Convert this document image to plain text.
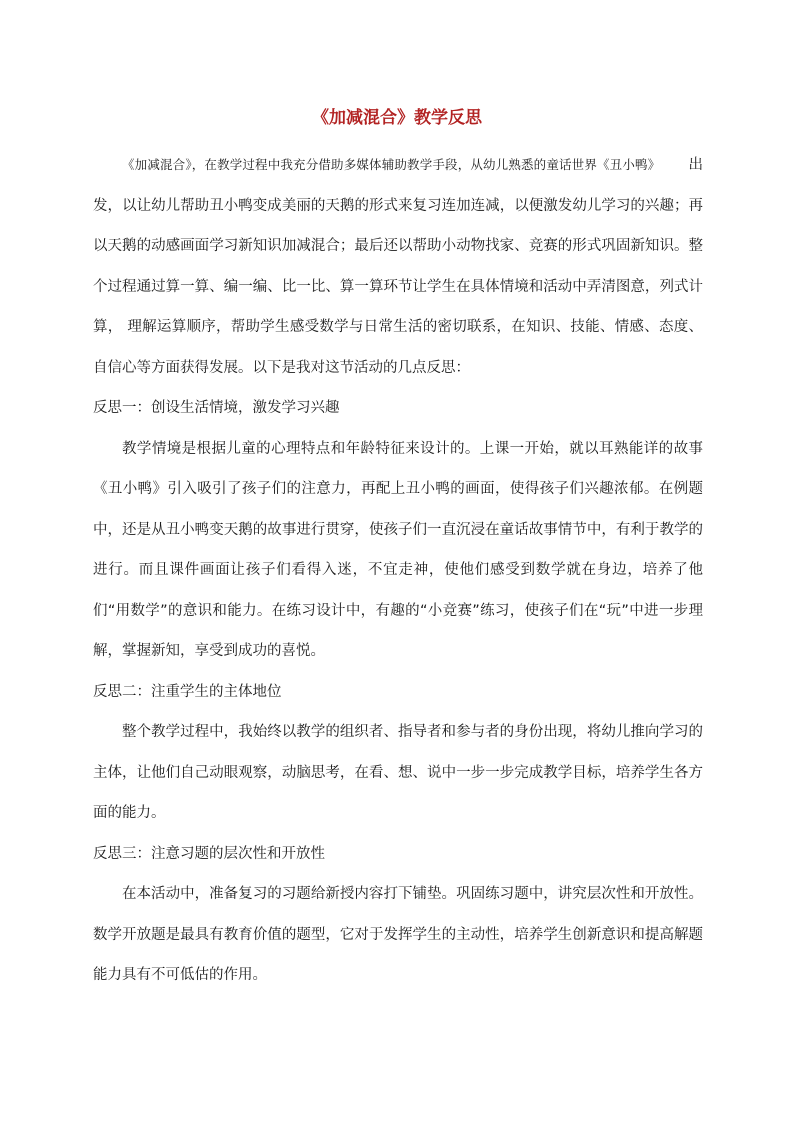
《加减混合》教学反思

《加减混合》，在教学过程中我充分借助多媒体辅助教学手段，从幼儿熟悉的童话世界《丑小鸭》 出发，以让幼儿帮助丑小鸭变成美丽的天鹅的形式来复习连加连减，以便激发幼儿学习的兴趣；再以天鹅的动感画面学习新知识加减混合；最后还以帮助小动物找家、竞赛的形式巩固新知识。整个过程通过算一算、编一编、比一比、算一算环节让学生在具体情境和活动中弄清图意，列式计算， 理解运算顺序，帮助学生感受数学与日常生活的密切联系，在知识、技能、情感、态度、自信心等方面获得发展。以下是我对这节活动的几点反思：

反思一：创设生活情境，激发学习兴趣

教学情境是根据儿童的心理特点和年龄特征来设计的。上课一开始，就以耳熟能详的故事《丑小鸭》引入吸引了孩子们的注意力，再配上丑小鸭的画面，使得孩子们兴趣浓郁。在例题中，还是从丑小鸭变天鹅的故事进行贯穿，使孩子们一直沉浸在童话故事情节中，有利于教学的进行。而且课件画面让孩子们看得入迷，不宜走神，使他们感受到数学就在身边，培养了他们“用数学”的意识和能力。在练习设计中，有趣的“小竞赛”练习，使孩子们在“玩”中进一步理解，掌握新知，享受到成功的喜悦。

反思二：注重学生的主体地位

整个教学过程中，我始终以教学的组织者、指导者和参与者的身份出现，将幼儿推向学习的主体，让他们自己动眼观察，动脑思考，在看、想、说中一步一步完成教学目标，培养学生各方面的能力。

反思三：注意习题的层次性和开放性

在本活动中，准备复习的习题给新授内容打下铺垫。巩固练习题中，讲究层次性和开放性。数学开放题是最具有教育价值的题型，它对于发挥学生的主动性，培养学生创新意识和提高解题能力具有不可低估的作用。
